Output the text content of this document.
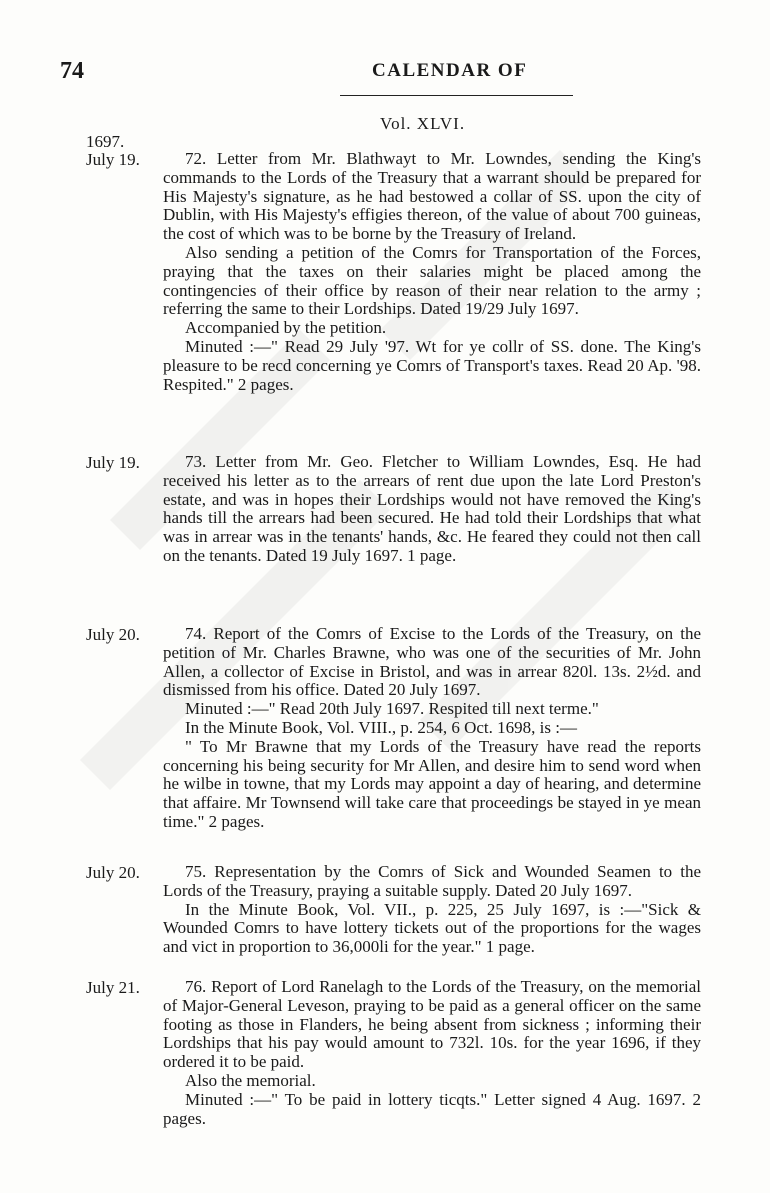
74	CALENDAR OF
Vol. XLVI.
1697.
July 19.	72. Letter from Mr. Blathwayt to Mr. Lowndes, sending the King's commands to the Lords of the Treasury that a warrant should be prepared for His Majesty's signature, as he had bestowed a collar of SS. upon the city of Dublin, with His Majesty's effigies thereon, of the value of about 700 guineas, the cost of which was to be borne by the Treasury of Ireland.

Also sending a petition of the Comrs for Transportation of the Forces, praying that the taxes on their salaries might be placed among the contingencies of their office by reason of their near relation to the army ; referring the same to their Lordships. Dated 19/29 July 1697.

Accompanied by the petition.

Minuted :—" Read 29 July '97. Wt for ye collr of SS. done. The King's pleasure to be recd concerning ye Comrs of Transport's taxes. Read 20 Ap. '98. Respited." 2 pages.

July 19.	73. Letter from Mr. Geo. Fletcher to William Lowndes, Esq. He had received his letter as to the arrears of rent due upon the late Lord Preston's estate, and was in hopes their Lordships would not have removed the King's hands till the arrears had been secured. He had told their Lordships that what was in arrear was in the tenants' hands, &c. He feared they could not then call on the tenants. Dated 19 July 1697. 1 page.

July 20.	74. Report of the Comrs of Excise to the Lords of the Treasury, on the petition of Mr. Charles Brawne, who was one of the securities of Mr. John Allen, a collector of Excise in Bristol, and was in arrear 820l. 13s. 2½d. and dismissed from his office. Dated 20 July 1697.

Minuted :—" Read 20th July 1697. Respited till next terme."

In the Minute Book, Vol. VIII., p. 254, 6 Oct. 1698, is :—

" To Mr Brawne that my Lords of the Treasury have read the reports concerning his being security for Mr Allen, and desire him to send word when he wilbe in towne, that my Lords may appoint a day of hearing, and determine that affaire. Mr Townsend will take care that proceedings be stayed in ye mean time." 2 pages.

July 20.	75. Representation by the Comrs of Sick and Wounded Seamen to the Lords of the Treasury, praying a suitable supply. Dated 20 July 1697.

In the Minute Book, Vol. VII., p. 225, 25 July 1697, is :—"Sick & Wounded Comrs to have lottery tickets out of the proportions for the wages and vict in proportion to 36,000li for the year." 1 page.

July 21.	76. Report of Lord Ranelagh to the Lords of the Treasury, on the memorial of Major-General Leveson, praying to be paid as a general officer on the same footing as those in Flanders, he being absent from sickness ; informing their Lordships that his pay would amount to 732l. 10s. for the year 1696, if they ordered it to be paid.

Also the memorial.

Minuted :—" To be paid in lottery ticqts." Letter signed 4 Aug. 1697. 2 pages.
